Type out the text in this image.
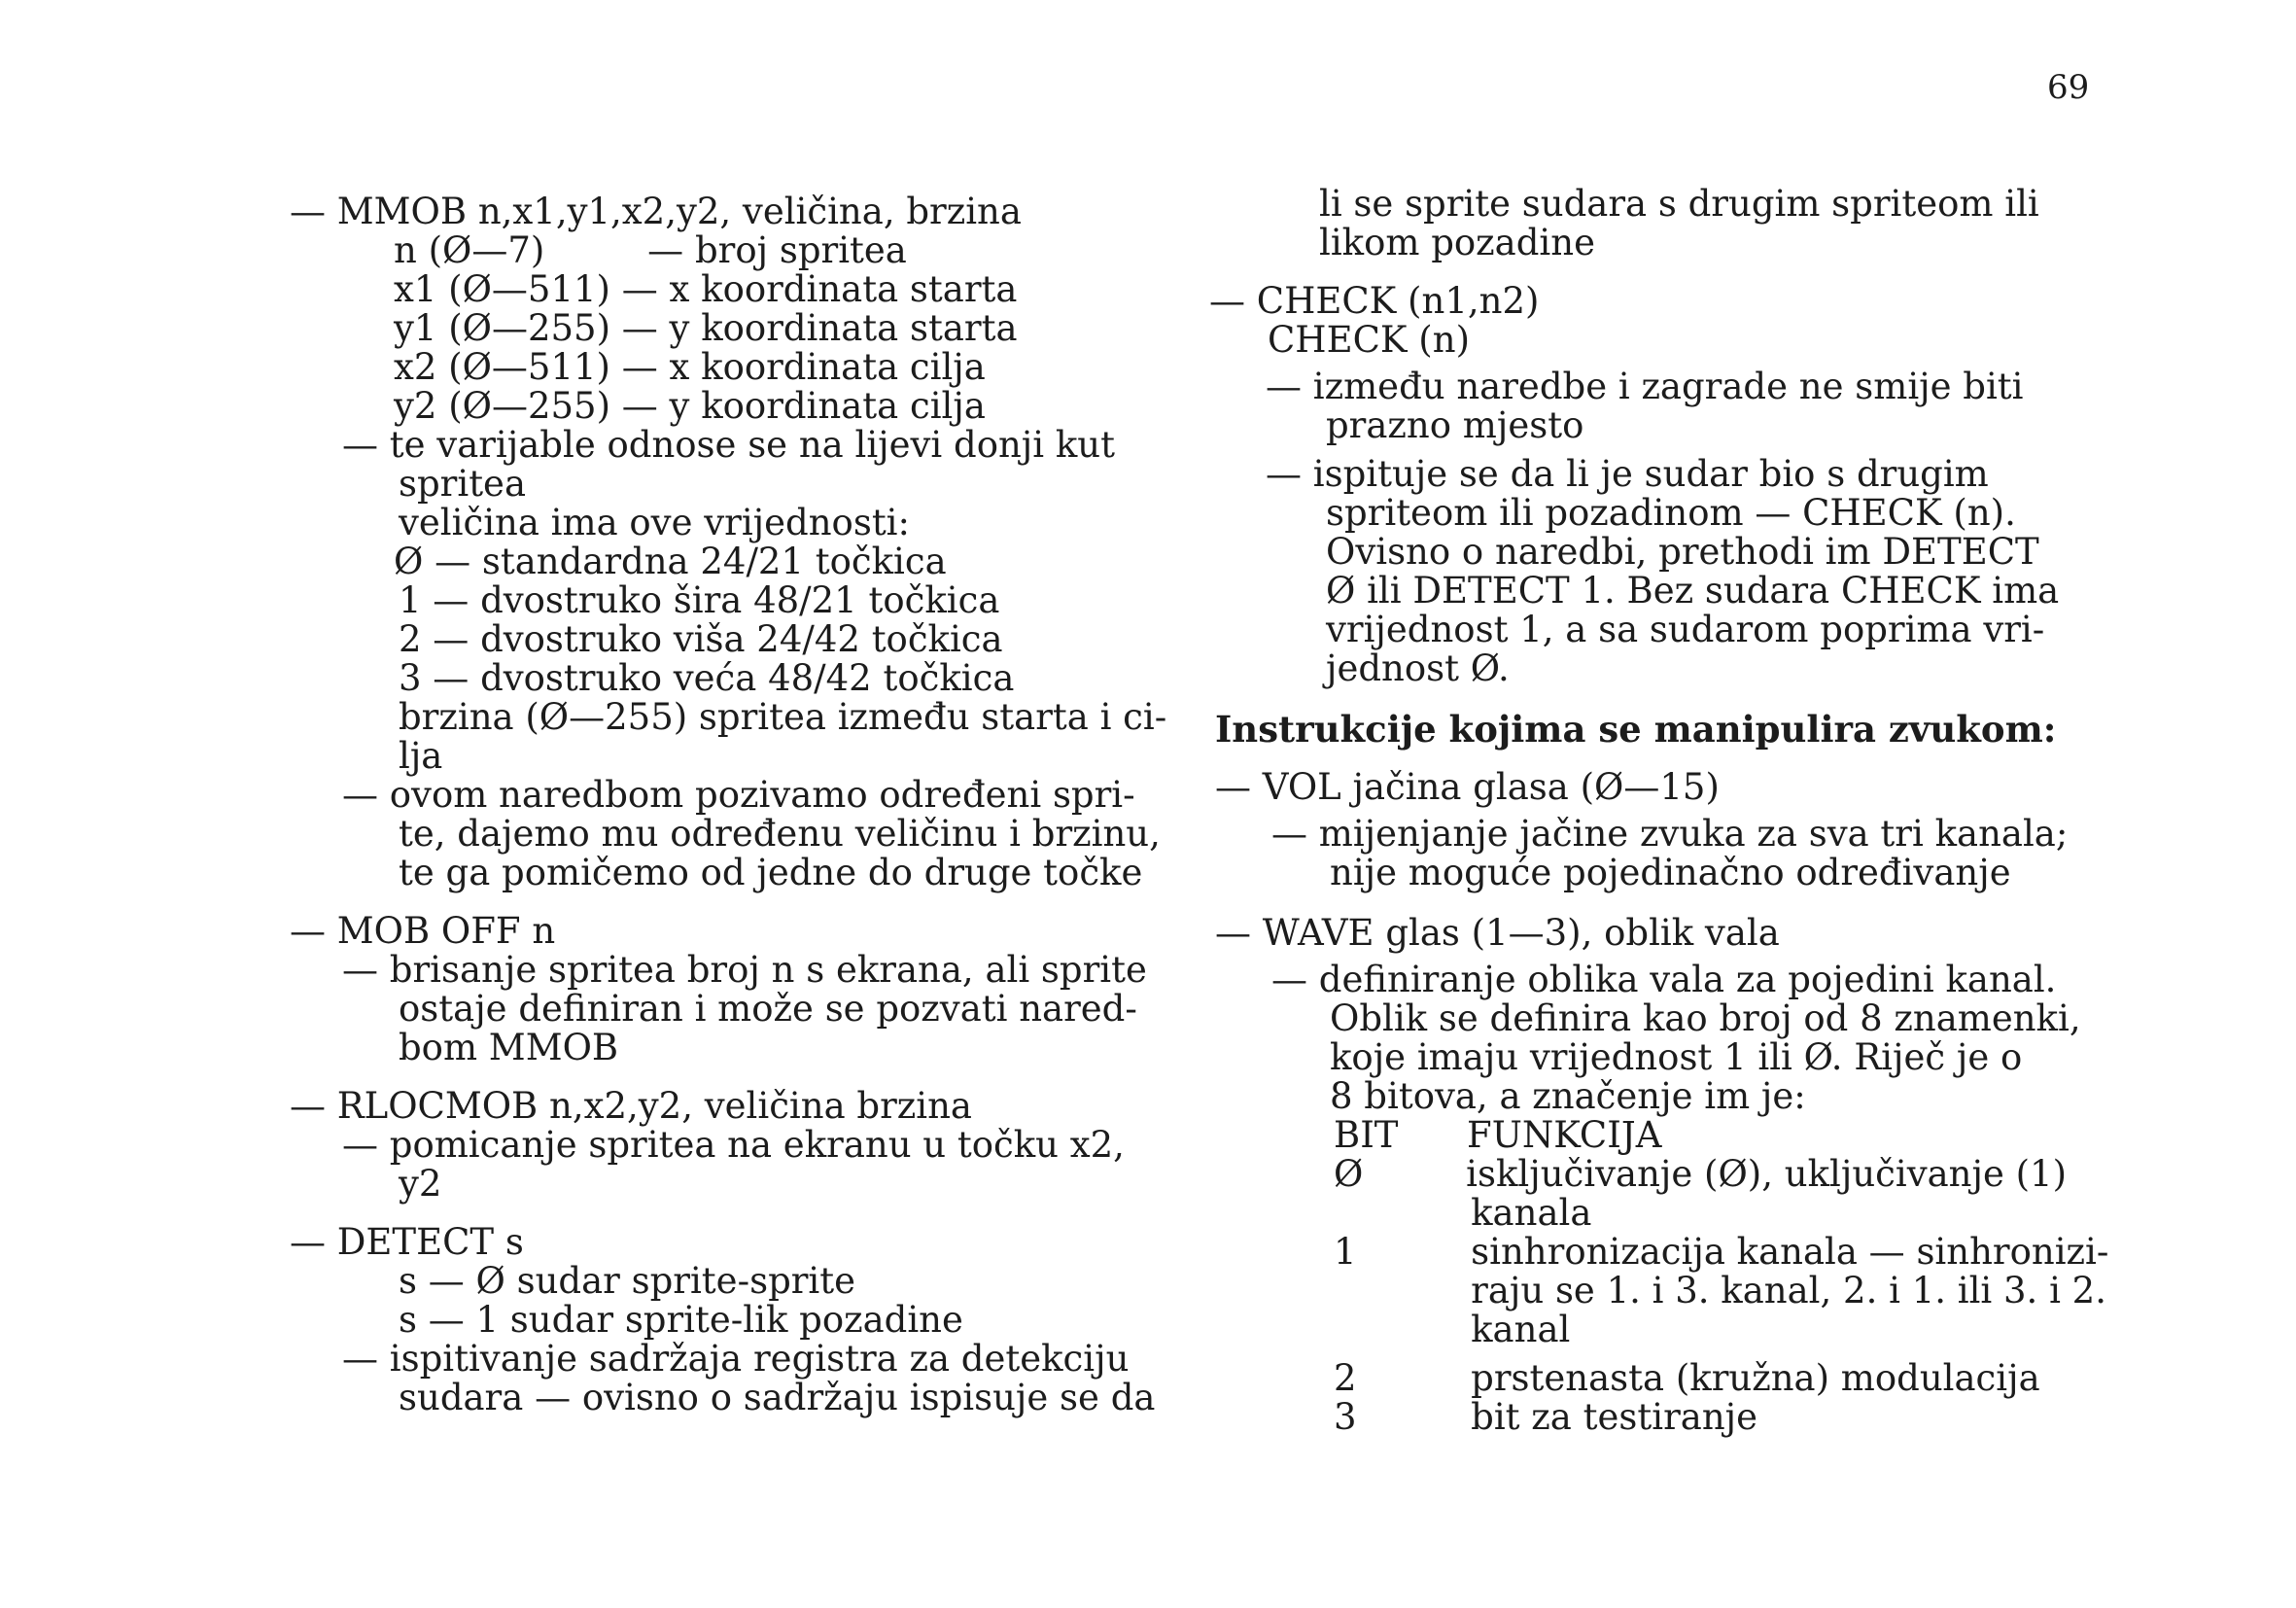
69
— MMOB n,x1,y1,x2,y2, veličina, brzina
n (Ø—7)         — broj spritea
x1 (Ø—511) — x koordinata starta
y1 (Ø—255) — y koordinata starta
x2 (Ø—511) — x koordinata cilja
y2 (Ø—255) — y koordinata cilja
— te varijable odnose se na lijevi donji kut
spritea
veličina ima ove vrijednosti:
Ø — standardna 24/21 točkica
1 — dvostruko šira 48/21 točkica
2 — dvostruko viša 24/42 točkica
3 — dvostruko veća 48/42 točkica
brzina (Ø—255) spritea između starta i ci-
lja
— ovom naredbom pozivamo određeni spri-
te, dajemo mu određenu veličinu i brzinu,
te ga pomičemo od jedne do druge točke
— MOB OFF n
— brisanje spritea broj n s ekrana, ali sprite
ostaje definiran i može se pozvati nared-
bom MMOB
— RLOCMOB n,x2,y2, veličina brzina
— pomicanje spritea na ekranu u točku x2,
y2
— DETECT s
s — Ø sudar sprite-sprite
s — 1 sudar sprite-lik pozadine
— ispitivanje sadržaja registra za detekciju
sudara — ovisno o sadržaju ispisuje se da
li se sprite sudara s drugim spriteom ili
likom pozadine
— CHECK (n1,n2)
CHECK (n)
— između naredbe i zagrade ne smije biti
prazno mjesto
— ispituje se da li je sudar bio s drugim
spriteom ili pozadinom — CHECK (n).
Ovisno o naredbi, prethodi im DETECT
Ø ili DETECT 1. Bez sudara CHECK ima
vrijednost 1, a sa sudarom poprima vri-
jednost Ø.
Instrukcije kojima se manipulira zvukom:
— VOL jačina glasa (Ø—15)
— mijenjanje jačine zvuka za sva tri kanala;
nije moguće pojedinačno određivanje
— WAVE glas (1—3), oblik vala
— definiranje oblika vala za pojedini kanal.
Oblik se definira kao broj od 8 znamenki,
koje imaju vrijednost 1 ili Ø. Riječ je o
8 bitova, a značenje im je:
BIT      FUNKCIJA
Ø         isključivanje (Ø), uključivanje (1)
kanala
1          sinhronizacija kanala — sinhronizi-
raju se 1. i 3. kanal, 2. i 1. ili 3. i 2.
kanal
2          prstenasta (kružna) modulacija
3          bit za testiranje
